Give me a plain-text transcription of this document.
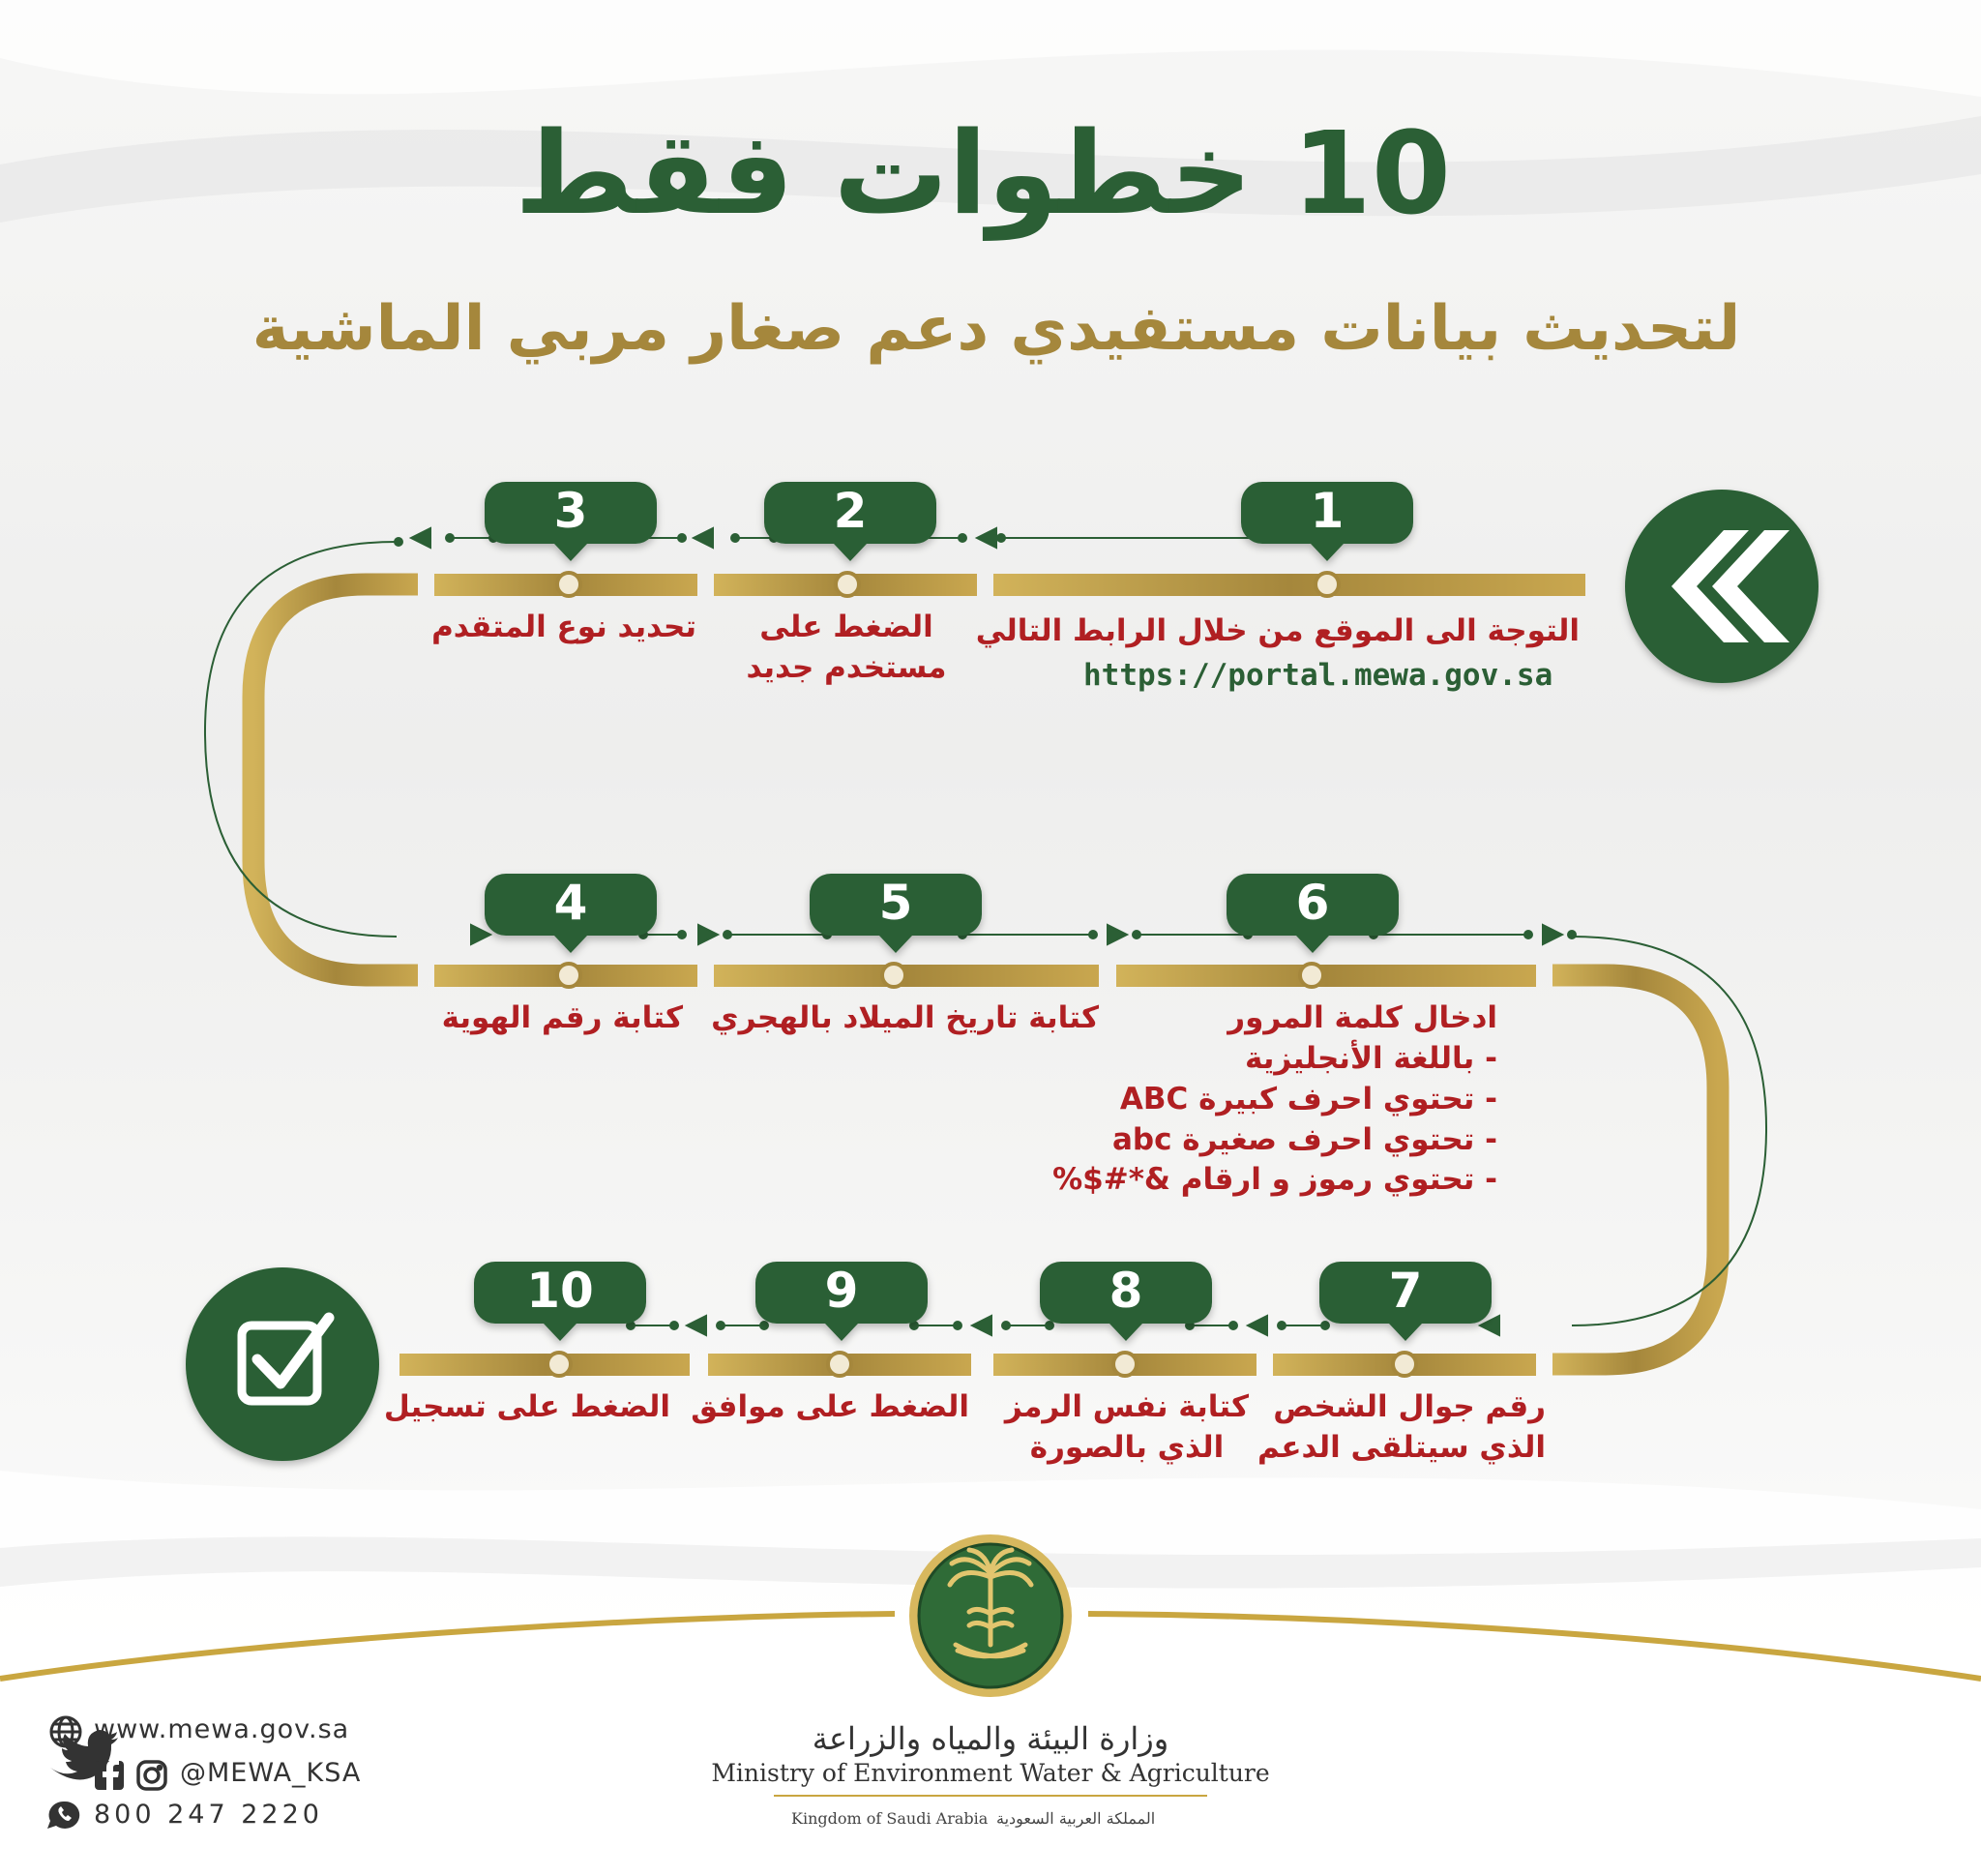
10 خطوات فقط
لتحديث بيانات مستفيدي دعم صغار مربي الماشية
1
2
3
4	5	6
7
8
9
10
التوجة الى الموقع من خلال الرابط التالي
https://portal.mewa.gov.sa
الضغط على
مستخدم جديد
تحديد نوع المتقدم
كتابة رقم الهوية كتابة تاريخ الميلاد بالهجري	ادخال كلمة المرور
- باللغة الأنجليزية
- تحتوي احرف كبيرة ABC
- تحتوي احرف صغيرة abc
- تحتوي رموز و ارقام &*#$%
رقم جوال الشخص
الذي سيتلقى الدعم
كتابة نفس الرمز
الذي بالصورة
الضغط على موافق
الضغط على تسجيل
www.mewa.gov.sa
@MEWA_KSA
800 247 2220
وزارة البيئة والمياه والزراعة
Ministry of Environment Water & Agriculture
Kingdom of Saudi Arabia المملكة العربية السعودية
